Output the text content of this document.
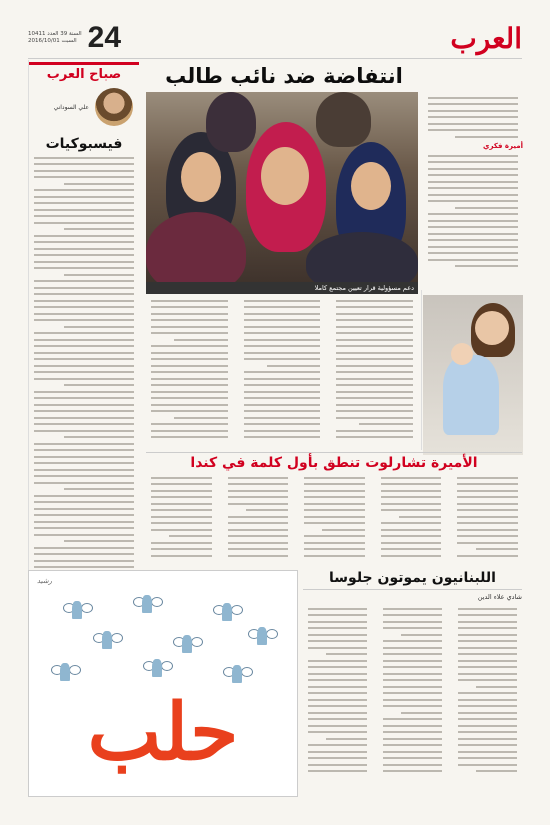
العرب
السنة 39 العدد 10411
2016/10/01 السبت 24
انتفاضة ضد نائب طالب
صباح العرب
علي السوداني
فيسبوكيات
دعم مسؤولية قرار تعيين مجتمع كاملا
أميرة فكري
الأميرة تشارلوت تنطق بأول كلمة في كندا
رشيد
حلب
اللبنانيون يموتون جلوسا
شادي علاء الدين
